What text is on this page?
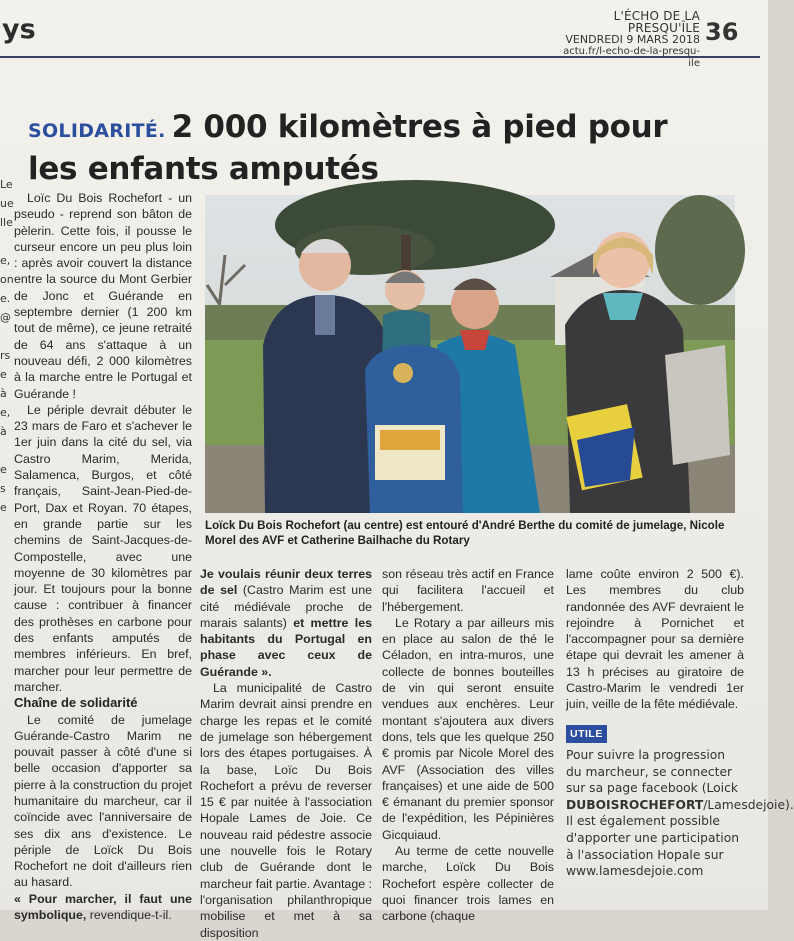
ys	L'ÉCHO DE LA PRESQU'ÎLE
VENDREDI 9 MARS 2018
actu.fr/l-echo-de-la-presqu-ile
36
Le
ue
lle
e,
on
e.
@
rs
e
à
e,
à
e
s
e
SOLIDARITÉ. 2 000 kilomètres à pied pour
les enfants amputés

Loïc Du Bois Rochefort - un pseudo - reprend son bâton de pèlerin. Cette fois, il pousse le curseur encore un peu plus loin : après avoir couvert la distance entre la source du Mont Gerbier de Jonc et Guérande en septembre dernier (1 200 km tout de même), ce jeune retraité de 64 ans s'attaque à un nouveau défi, 2 000 kilomètres à la marche entre le Portugal et Guérande !

Le périple devrait débuter le 23 mars de Faro et s'achever le 1er juin dans la cité du sel, via Castro Marim, Merida, Salamenca, Burgos, et côté français, Saint-Jean-Pied-de-Port, Dax et Royan. 70 étapes, en grande partie sur les chemins de Saint-Jacques-de-Compostelle, avec une moyenne de 30 kilomètres par jour. Et toujours pour la bonne cause : contribuer à financer des prothèses en carbone pour des enfants amputés de membres inférieurs. En bref, marcher pour leur permettre de marcher.

Chaîne de solidarité

Le comité de jumelage Guérande-Castro Marim ne pouvait passer à côté d'une si belle occasion d'apporter sa pierre à la construction du projet humanitaire du marcheur, car il coïncide avec l'anniversaire de ses dix ans d'existence. Le périple de Loïck Du Bois Rochefort ne doit d'ailleurs rien au hasard.
« Pour marcher, il faut une symbolique, revendique-t-il.

Loïck Du Bois Rochefort (au centre) est entouré d'André Berthe du comité de jumelage, Nicole Morel des AVF et Catherine Bailhache du Rotary

Je voulais réunir deux terres de sel (Castro Marim est une cité médiévale proche de marais salants) et mettre les habitants du Portugal en phase avec ceux de Guérande ».

La municipalité de Castro Marim devrait ainsi prendre en charge les repas et le comité de jumelage son hébergement lors des étapes portugaises. À la base, Loïc Du Bois Rochefort a prévu de reverser 15 € par nuitée à l'association Hopale Lames de Joie. Ce nouveau raid pédestre associe une nouvelle fois le Rotary club de Guérande dont le marcheur fait partie. Avantage : l'organisation philanthropique mobilise et met à sa disposition

son réseau très actif en France qui facilitera l'accueil et l'hébergement.

Le Rotary a par ailleurs mis en place au salon de thé le Céladon, en intra-muros, une collecte de bonnes bouteilles de vin qui seront ensuite vendues aux enchères. Leur montant s'ajoutera aux divers dons, tels que les quelque 250 € promis par Nicole Morel des AVF (Association des villes françaises) et une aide de 500 € émanant du premier sponsor de l'expédition, les Pépinières Gicquiaud.

Au terme de cette nouvelle marche, Loïck Du Bois Rochefort espère collecter de quoi financer trois lames en carbone (chaque

lame coûte environ 2 500 €). Les membres du club randonnée des AVF devraient le rejoindre à Pornichet et l'accompagner pour sa dernière étape qui devrait les amener à 13 h précises au giratoire de Castro-Marim le vendredi 1er juin, veille de la fête médiévale.

UTILE
Pour suivre la progression du marcheur, se connecter sur sa page facebook (Loick DUBOISROCHEFORT/Lamesdejoie). Il est également possible d'apporter une participation à l'association Hopale sur www.lamesdejoie.com
